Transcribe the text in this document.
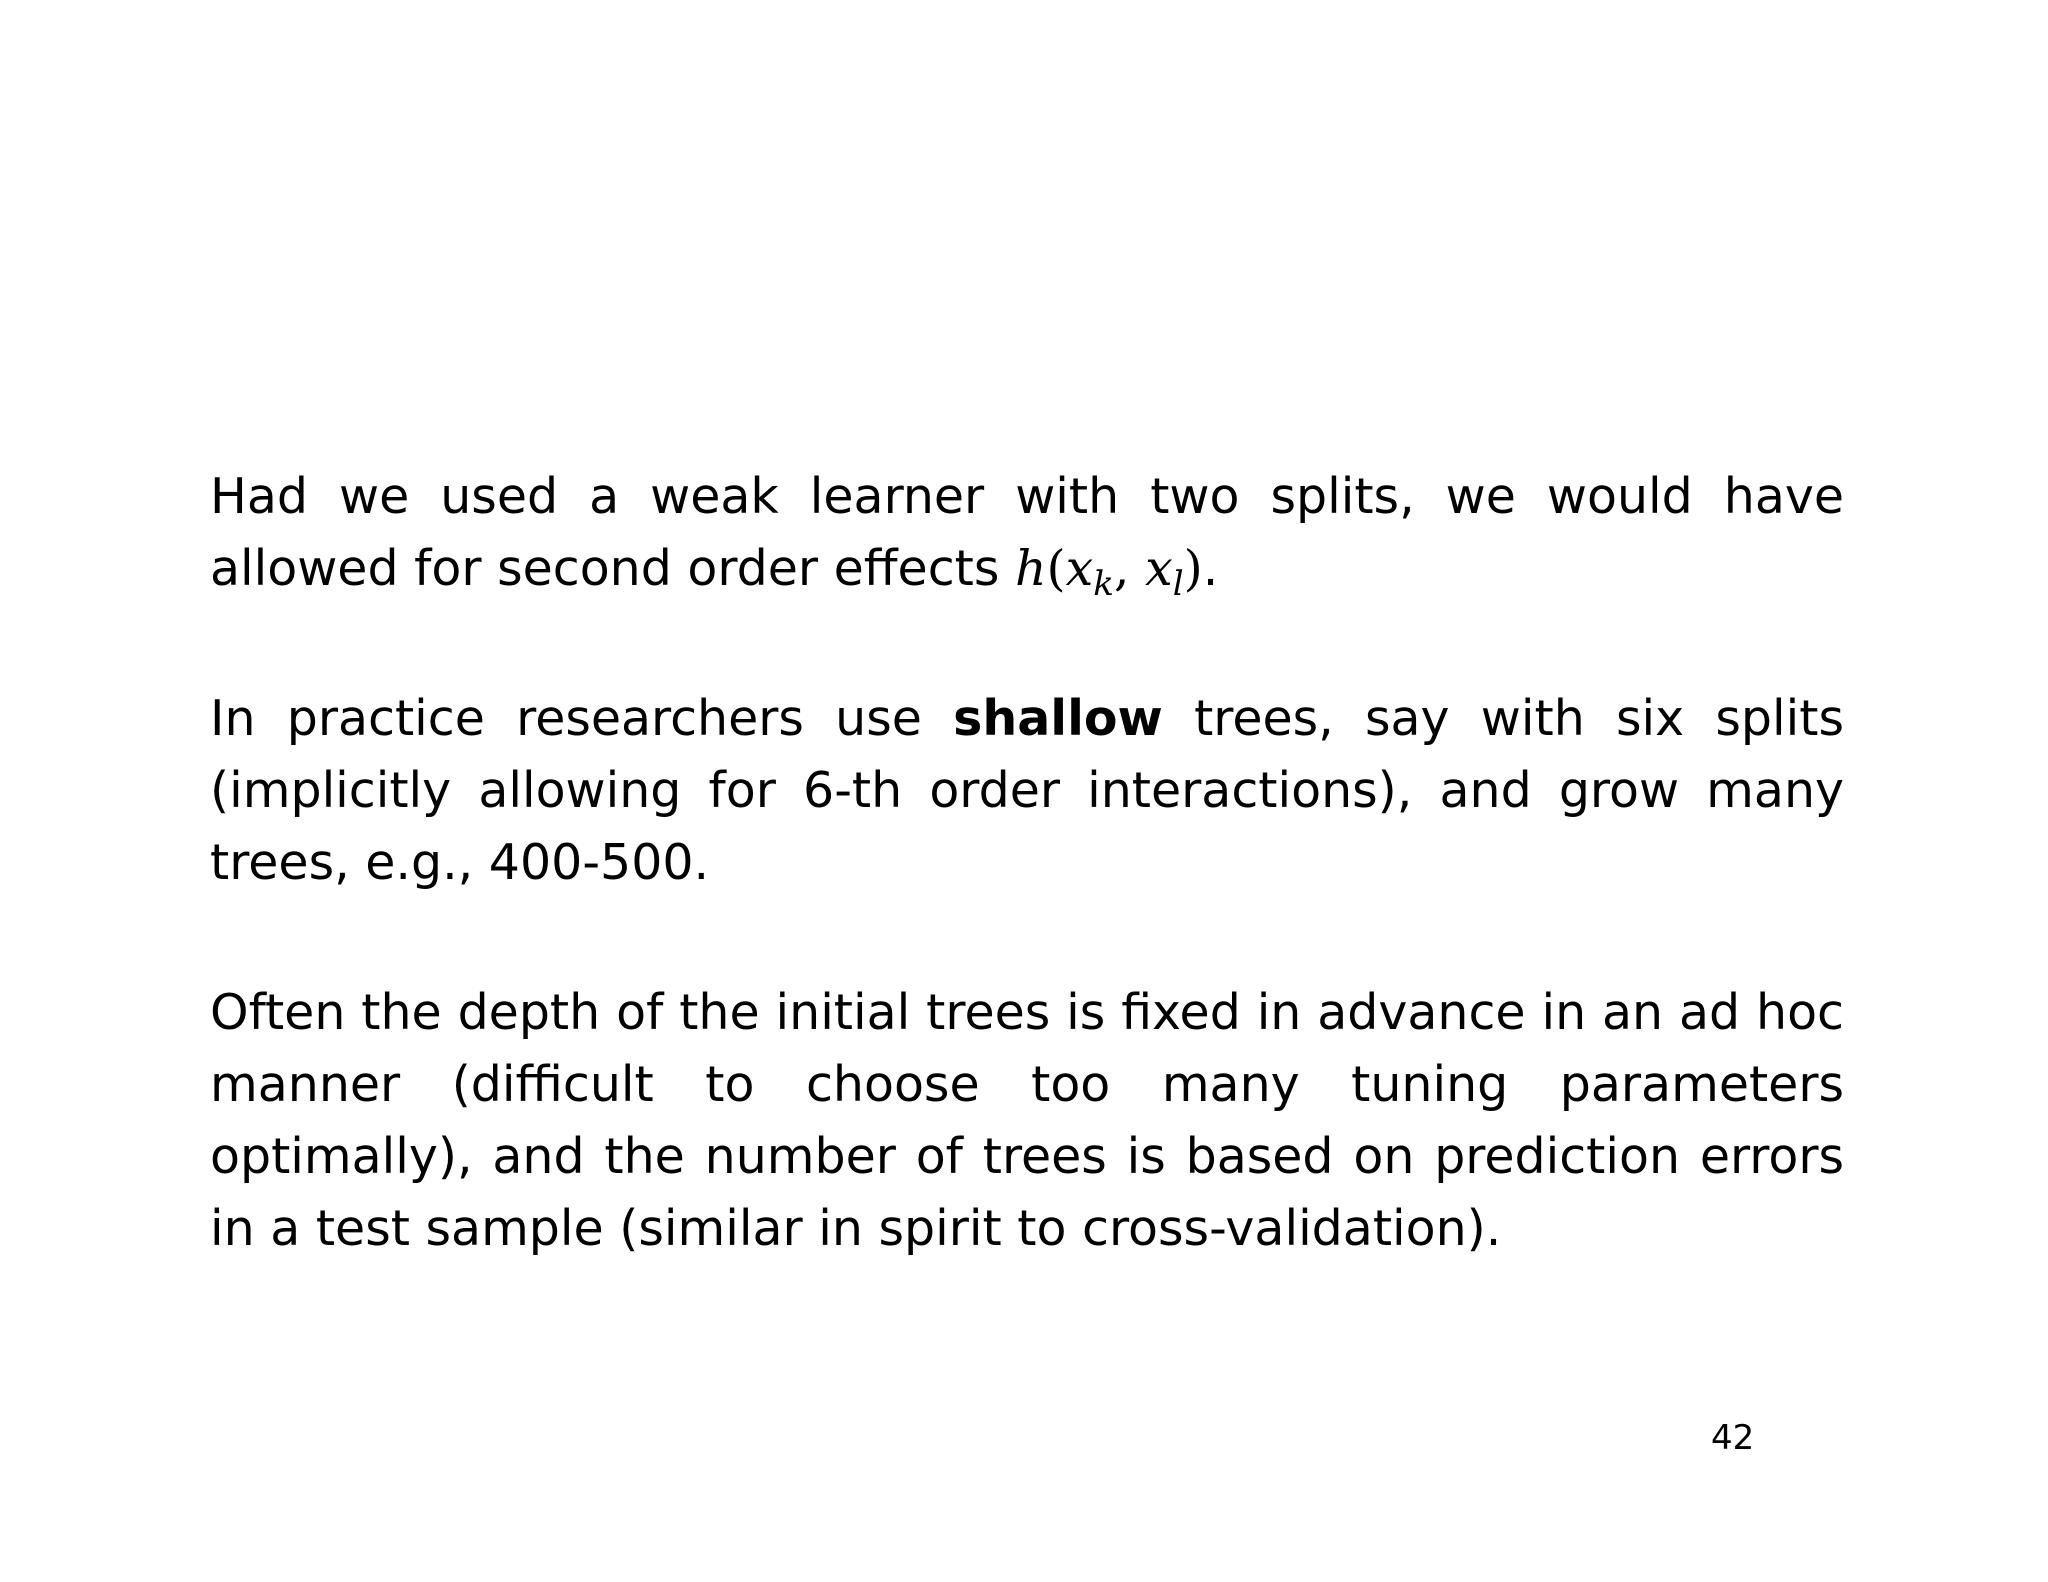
Had we used a weak learner with two splits, we would have allowed for second order effects $h(x_k$, $x_l$).

In practice researchers use shallow trees, say with six splits (implicitly allowing for 6-th order interactions), and grow many trees, e.g., 400-500.

Often the depth of the initial trees is fixed in advance in an ad hoc manner (difficult to choose too many tuning parameters optimally), and the number of trees is based on prediction errors in a test sample (similar in spirit to cross-validation).

42
